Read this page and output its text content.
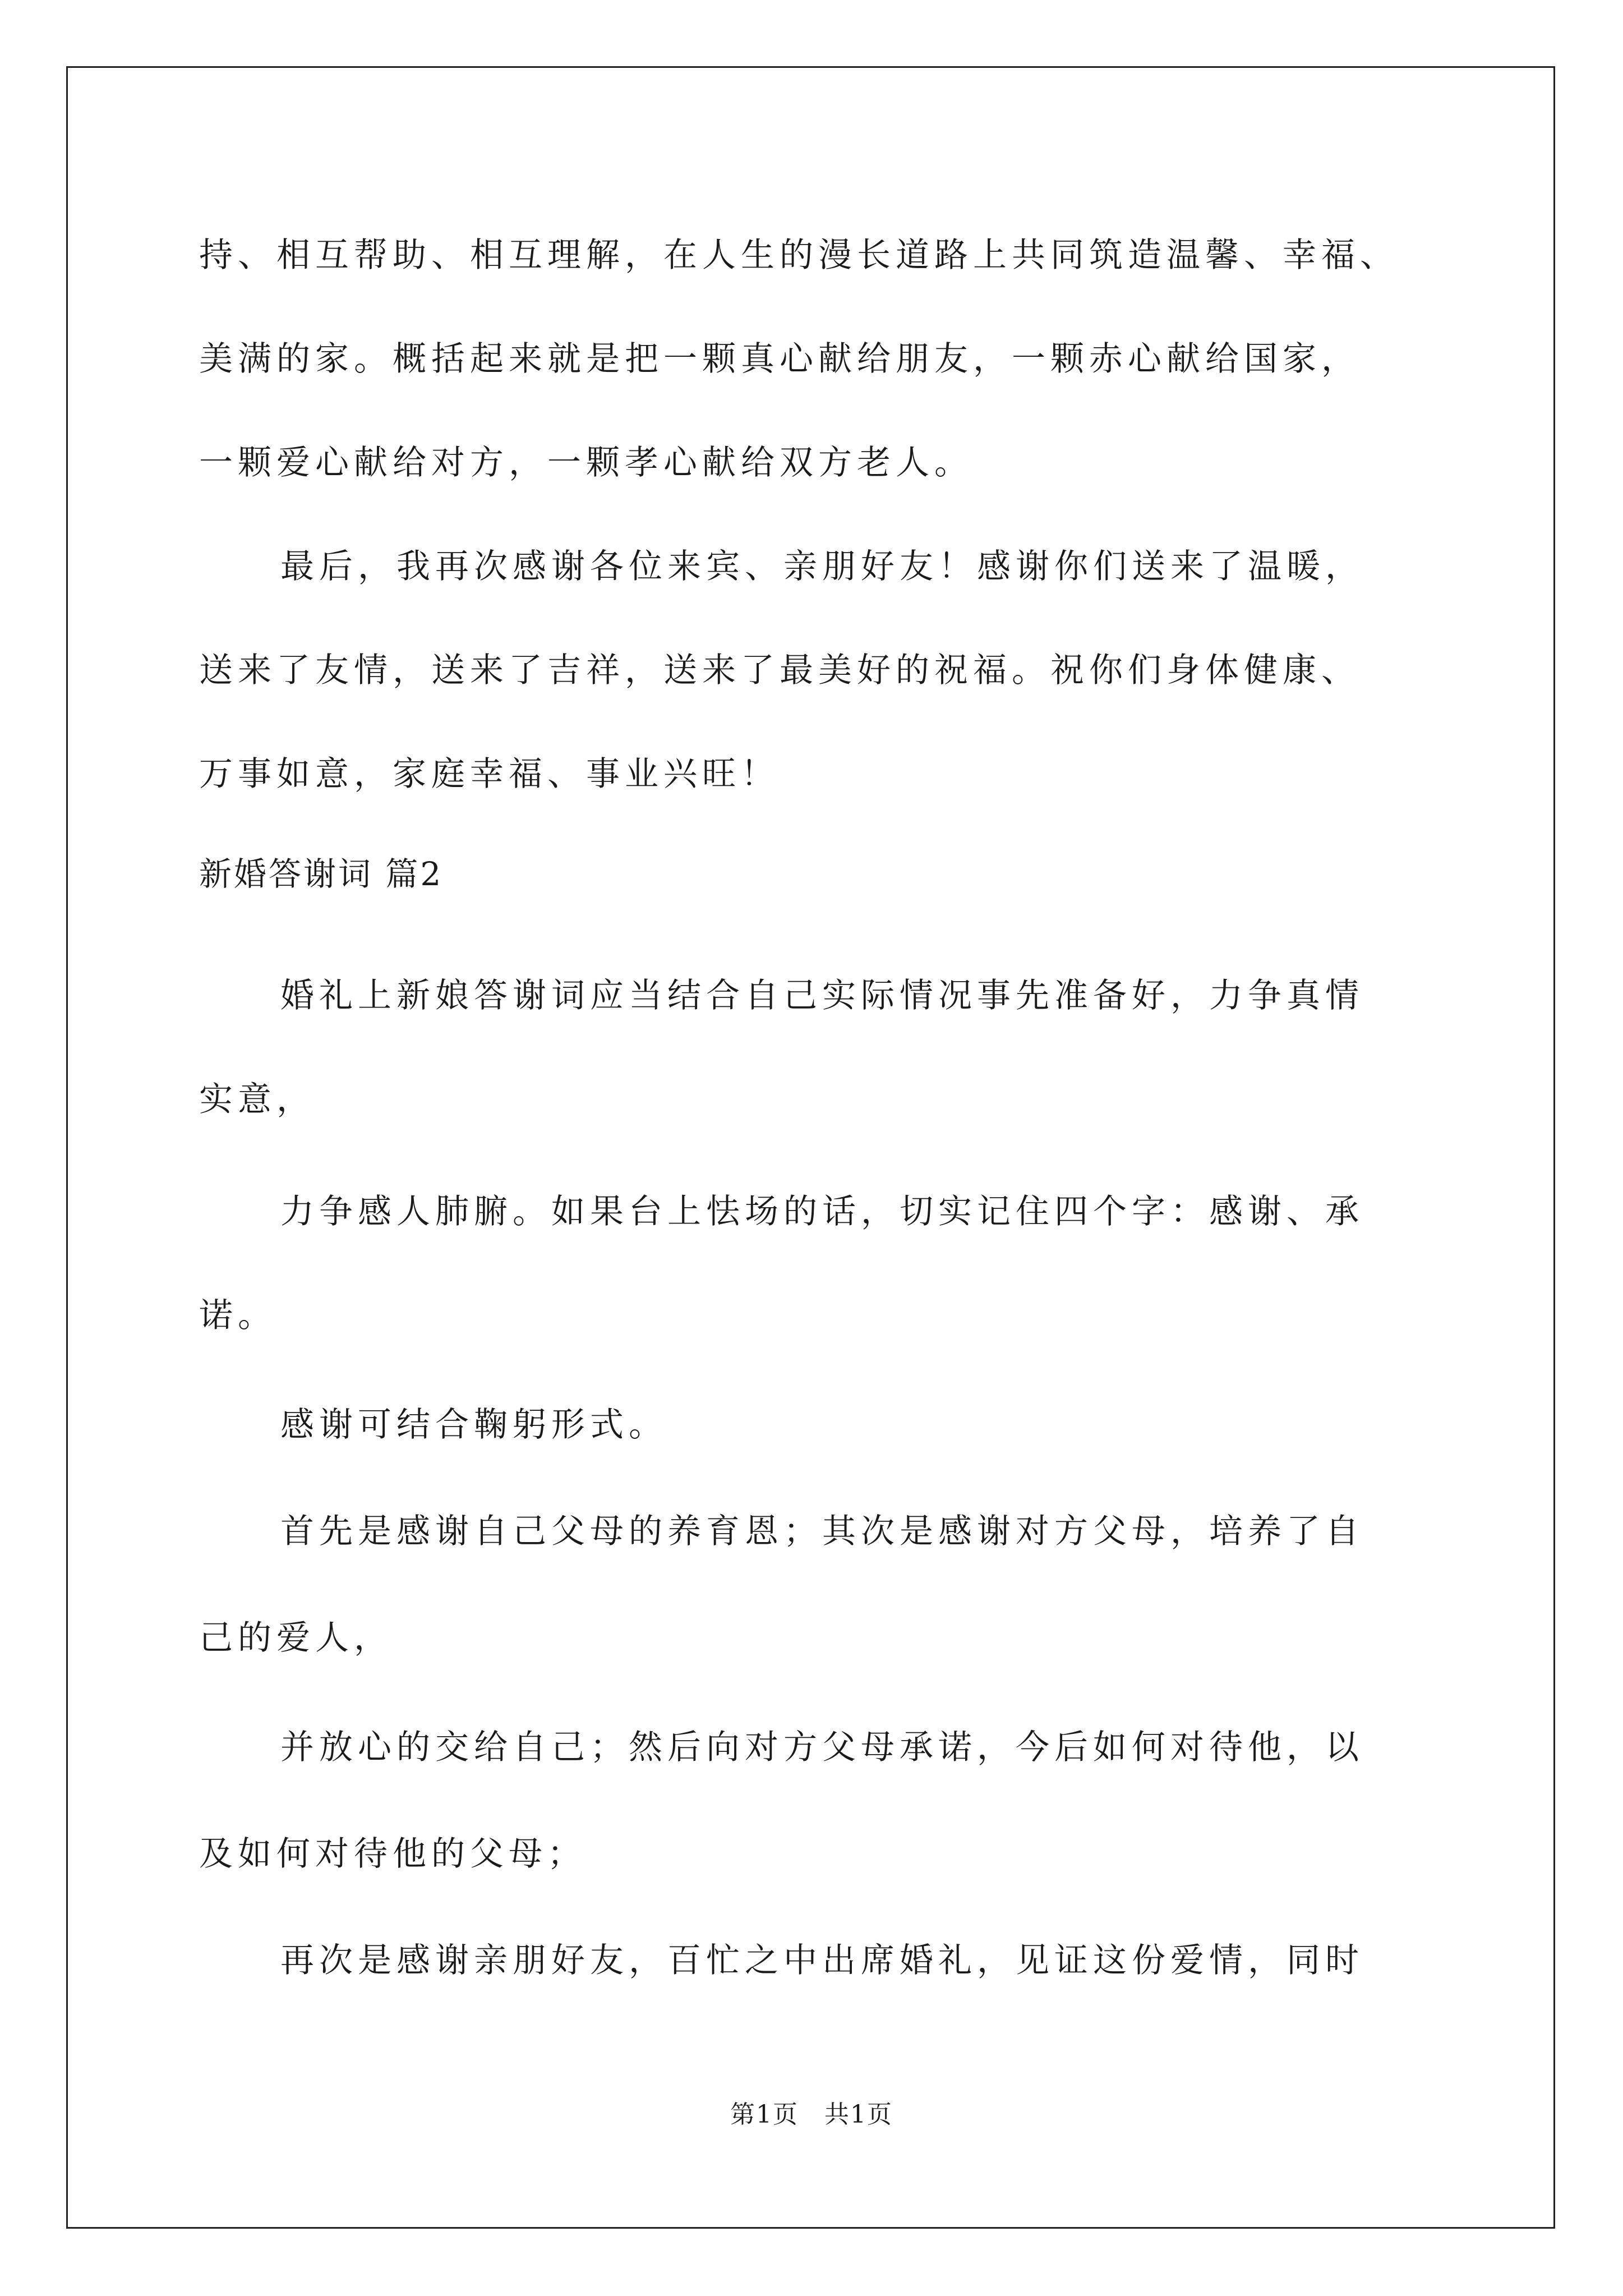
持、相互帮助、相互理解，在人生的漫长道路上共同筑造温馨、幸福、
美满的家。概括起来就是把一颗真心献给朋友，一颗赤心献给国家，
一颗爱心献给对方，一颗孝心献给双方老人。
最后，我再次感谢各位来宾、亲朋好友！感谢你们送来了温暖，
送来了友情，送来了吉祥，送来了最美好的祝福。祝你们身体健康、
万事如意，家庭幸福、事业兴旺！
新婚答谢词 篇2
婚礼上新娘答谢词应当结合自己实际情况事先准备好，力争真情
实意，
力争感人肺腑。如果台上怯场的话，切实记住四个字：感谢、承
诺。
感谢可结合鞠躬形式。
首先是感谢自己父母的养育恩；其次是感谢对方父母，培养了自
己的爱人，
并放心的交给自己；然后向对方父母承诺，今后如何对待他，以
及如何对待他的父母；
再次是感谢亲朋好友，百忙之中出席婚礼，见证这份爱情，同时
第1页　共1页
